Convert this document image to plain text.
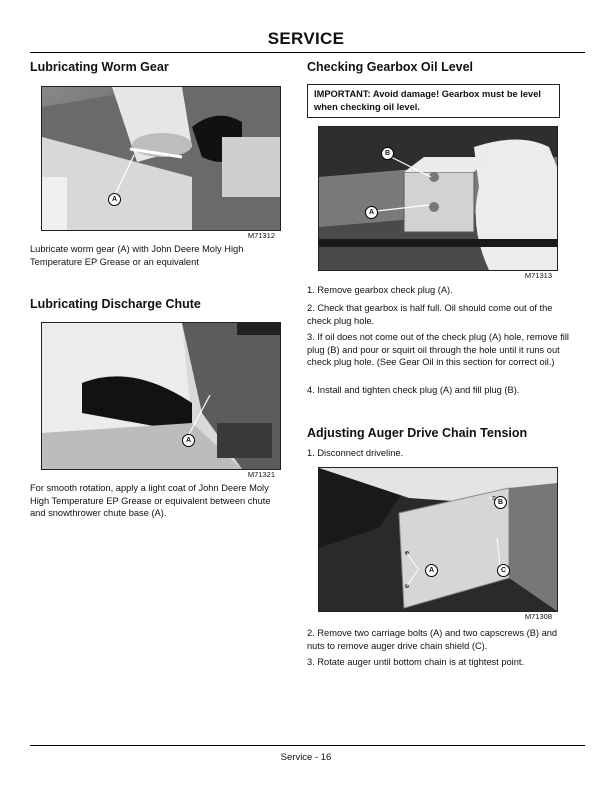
SERVICE
Lubricating Worm Gear
A
M71312

Lubricate worm gear (A) with John Deere Moly High Temperature EP Grease or an equivalent

Lubricating Discharge Chute
A
M71321

For smooth rotation, apply a light coat of John Deere Moly High Temperature EP Grease or equivalent between chute and snowthrower chute base (A).

Checking Gearbox Oil Level
IMPORTANT: Avoid damage! Gearbox must be level when checking oil level.
B
A
M71313

1. Remove gearbox check plug (A).

2. Check that gearbox is half full. Oil should come out of the check plug hole.

3. If oil does not come out of the check plug (A) hole, remove fill plug (B) and pour or squirt oil through the hole until it runs out check plug hole. (See Gear Oil in this section for correct oil.)

4. Install and tighten check plug (A) and fill plug (B).

Adjusting Auger Drive Chain Tension

1. Disconnect driveline.

B
A	C
M71308

2. Remove two carriage bolts (A) and two capscrews (B) and nuts to remove auger drive chain shield (C).

3. Rotate auger until bottom chain is at tightest point.

Service - 16
